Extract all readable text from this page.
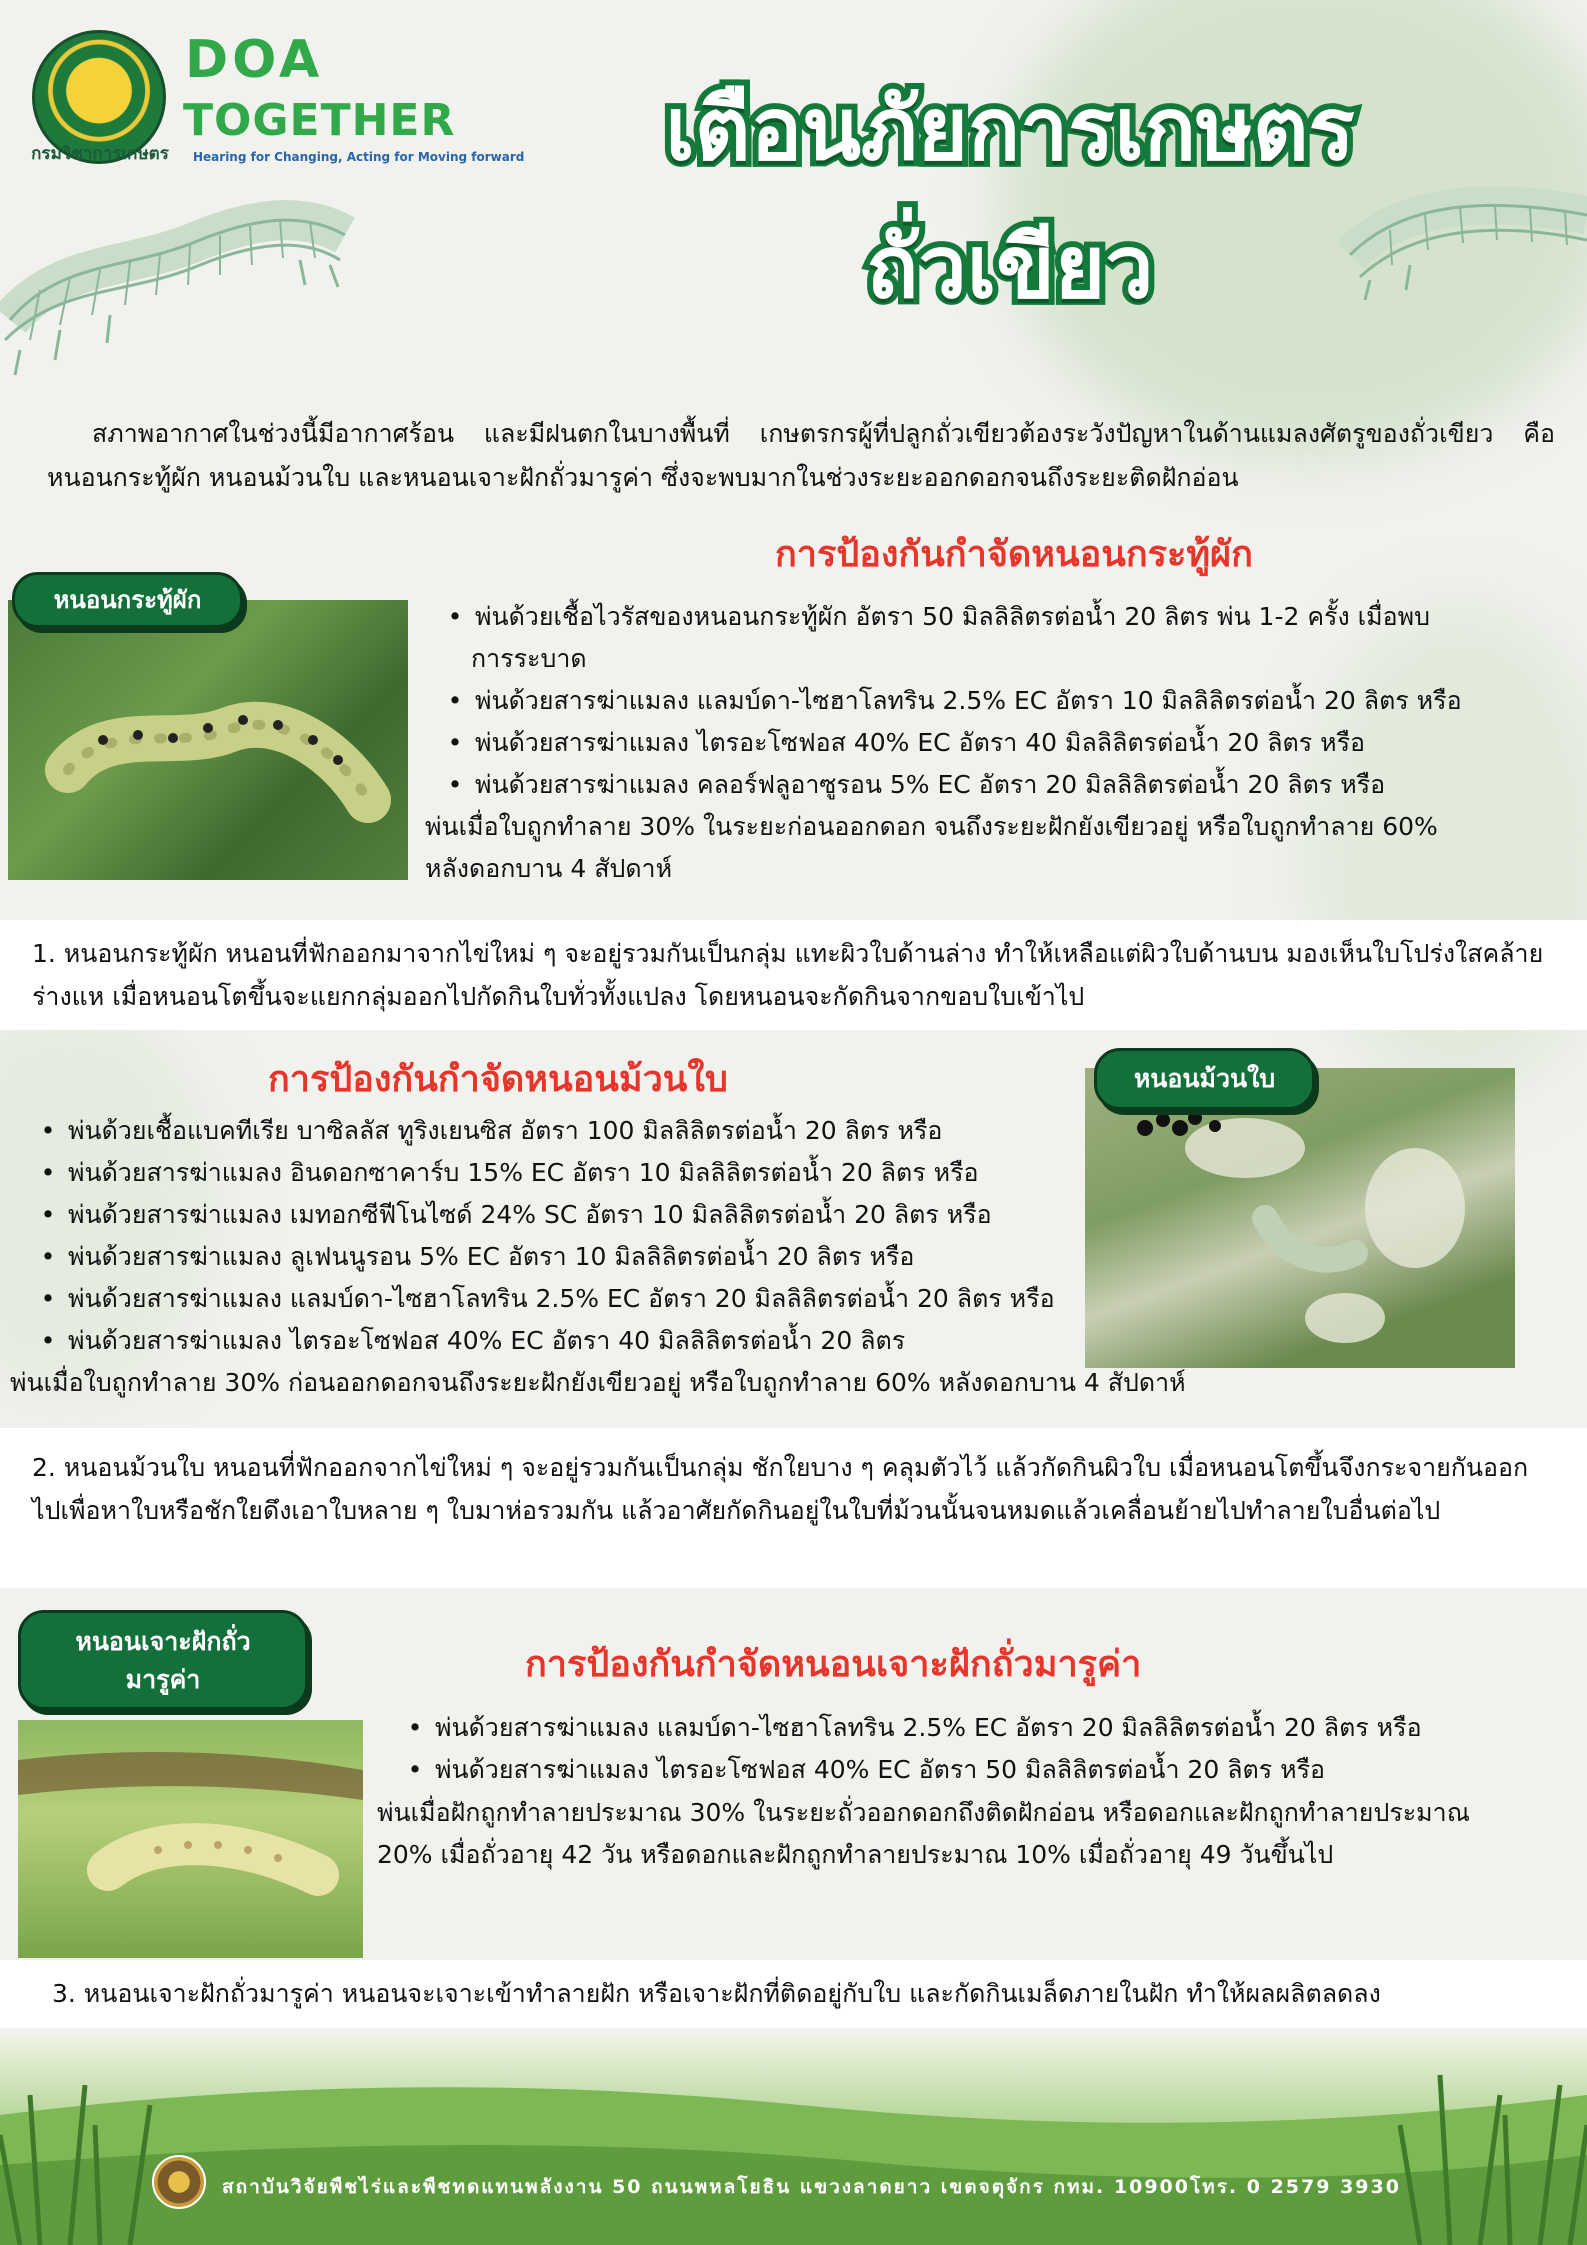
กรมวิชาการเกษตร
DOA
TOGETHER
Hearing for Changing, Acting for Moving forward	เตือนภัยการเกษตร
ถั่วเขียว
สภาพอากาศในช่วงนี้มีอากาศร้อน และมีฝนตกในบางพื้นที่ เกษตรกรผู้ที่ปลูกถั่วเขียวต้องระวังปัญหาในด้านแมลงศัตรูของถั่วเขียว คือ หนอนกระทู้ผัก หนอนม้วนใบ และหนอนเจาะฝักถั่วมารูค่า ซึ่งจะพบมากในช่วงระยะออกดอกจนถึงระยะติดฝักอ่อน
การป้องกันกำจัดหนอนกระทู้ผัก
หนอนกระทู้ผัก
• พ่นด้วยเชื้อไวรัสของหนอนกระทู้ผัก อัตรา 50 มิลลิลิตรต่อน้ำ 20 ลิตร พ่น 1-2 ครั้ง เมื่อพบ
การระบาด
• พ่นด้วยสารฆ่าแมลง แลมบ์ดา-ไซฮาโลทริน 2.5% EC อัตรา 10 มิลลิลิตรต่อน้ำ 20 ลิตร หรือ
• พ่นด้วยสารฆ่าแมลง ไตรอะโซฟอส 40% EC อัตรา 40 มิลลิลิตรต่อน้ำ 20 ลิตร หรือ
• พ่นด้วยสารฆ่าแมลง คลอร์ฟลูอาซูรอน 5% EC อัตรา 20 มิลลิลิตรต่อน้ำ 20 ลิตร หรือ
พ่นเมื่อใบถูกทำลาย 30% ในระยะก่อนออกดอก จนถึงระยะฝักยังเขียวอยู่ หรือใบถูกทำลาย 60%
หลังดอกบาน 4 สัปดาห์
1. หนอนกระทู้ผัก หนอนที่ฟักออกมาจากไข่ใหม่ ๆ จะอยู่รวมกันเป็นกลุ่ม แทะผิวใบด้านล่าง ทำให้เหลือแต่ผิวใบด้านบน มองเห็นใบโปร่งใสคล้ายร่างแห เมื่อหนอนโตขึ้นจะแยกกลุ่มออกไปกัดกินใบทั่วทั้งแปลง โดยหนอนจะกัดกินจากขอบใบเข้าไป
การป้องกันกำจัดหนอนม้วนใบ	หนอนม้วนใบ
• พ่นด้วยเชื้อแบคทีเรีย บาซิลลัส ทูริงเยนซิส อัตรา 100 มิลลิลิตรต่อน้ำ 20 ลิตร หรือ
• พ่นด้วยสารฆ่าแมลง อินดอกซาคาร์บ 15% EC อัตรา 10 มิลลิลิตรต่อน้ำ 20 ลิตร หรือ
• พ่นด้วยสารฆ่าแมลง เมทอกซีฟีโนไซด์ 24% SC อัตรา 10 มิลลิลิตรต่อน้ำ 20 ลิตร หรือ
• พ่นด้วยสารฆ่าแมลง ลูเฟนนูรอน 5% EC อัตรา 10 มิลลิลิตรต่อน้ำ 20 ลิตร หรือ
• พ่นด้วยสารฆ่าแมลง แลมบ์ดา-ไซฮาโลทริน 2.5% EC อัตรา 20 มิลลิลิตรต่อน้ำ 20 ลิตร หรือ
• พ่นด้วยสารฆ่าแมลง ไตรอะโซฟอส 40% EC อัตรา 40 มิลลิลิตรต่อน้ำ 20 ลิตร
พ่นเมื่อใบถูกทำลาย 30% ก่อนออกดอกจนถึงระยะฝักยังเขียวอยู่ หรือใบถูกทำลาย 60% หลังดอกบาน 4 สัปดาห์
2. หนอนม้วนใบ หนอนที่ฟักออกจากไข่ใหม่ ๆ จะอยู่รวมกันเป็นกลุ่ม ชักใยบาง ๆ คลุมตัวไว้ แล้วกัดกินผิวใบ เมื่อหนอนโตขึ้นจึงกระจายกันออกไปเพื่อหาใบหรือชักใยดึงเอาใบหลาย ๆ ใบมาห่อรวมกัน แล้วอาศัยกัดกินอยู่ในใบที่ม้วนนั้นจนหมดแล้วเคลื่อนย้ายไปทำลายใบอื่นต่อไป
หนอนเจาะฝักถั่ว
มารูค่า	การป้องกันกำจัดหนอนเจาะฝักถั่วมารูค่า
• พ่นด้วยสารฆ่าแมลง แลมบ์ดา-ไซฮาโลทริน 2.5% EC อัตรา 20 มิลลิลิตรต่อน้ำ 20 ลิตร หรือ
• พ่นด้วยสารฆ่าแมลง ไตรอะโซฟอส 40% EC อัตรา 50 มิลลิลิตรต่อน้ำ 20 ลิตร หรือ
พ่นเมื่อฝักถูกทำลายประมาณ 30% ในระยะถั่วออกดอกถึงติดฝักอ่อน หรือดอกและฝักถูกทำลายประมาณ
20% เมื่อถั่วอายุ 42 วัน หรือดอกและฝักถูกทำลายประมาณ 10% เมื่อถั่วอายุ 49 วันขึ้นไป
3. หนอนเจาะฝักถั่วมารูค่า หนอนจะเจาะเข้าทำลายฝัก หรือเจาะฝักที่ติดอยู่กับใบ และกัดกินเมล็ดภายในฝัก ทำให้ผลผลิตลดลง
สถาบันวิจัยพืชไร่และพืชทดแทนพลังงาน 50 ถนนพหลโยธิน แขวงลาดยาว เขตจตุจักร กทม. 10900โทร. 0 2579 3930
